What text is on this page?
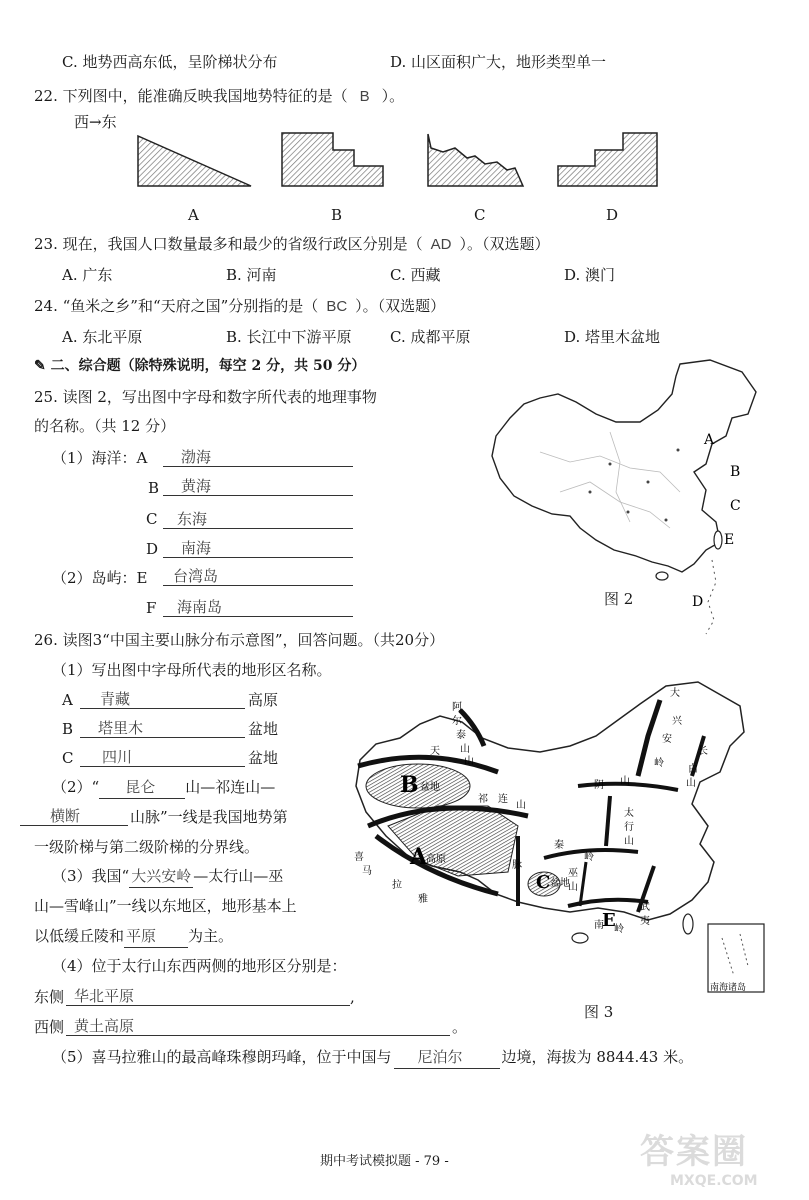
C. 地势西高东低，呈阶梯状分布	D. 山区面积广大，地形类型单一
22. 下列图中，能准确反映我国地势特征的是（ B ）。
西→东
A	B	C	D
23. 现在，我国人口数量最多和最少的省级行政区分别是（ AD ）。（双选题）
A. 广东	B. 河南	C. 西藏	D. 澳门
24. “鱼米之乡”和“天府之国”分别指的是（ BC ）。（双选题）
A. 东北平原	B. 长江中下游平原	C. 成都平原	D. 塔里木盆地
✎ 二、综合题（除特殊说明，每空 2 分，共 50 分）
25. 读图 2，写出图中字母和数字所代表的地理事物
的名称。（共 12 分）
（1）海洋：A	渤海
B	黄海
C	东海
D	南海
（2）岛屿：E	台湾岛
F	海南岛
A
B
C
E
D
图 2
26. 读图3“中国主要山脉分布示意图”，回答问题。（共20分）
（1）写出图中字母所代表的地形区名称。
A	青藏	高原
B	塔里木	盆地
C	四川	盆地
（2）“ 昆仑 山—祁连山—
横断	山脉”一线是我国地势第
一级阶梯与第二级阶梯的分界线。
（3）我国“ 大兴安岭 —太行山—巫
山—雪峰山”一线以东地区，地形基本上
以低缓丘陵和 平原 为主。
（4）位于太行山东西两侧的地形区分别是：
东侧 华北平原	,
西侧 黄土高原	。
（5）喜马拉雅山的最高峰珠穆朗玛峰，位于中国与 尼泊尔	边境，海拔为 8844.43 米。
B 盆地
A
高原
C 盆地
E
阿
尔
泰
山
天
山
祁 连
山
大
兴
安
岭
长
白
山
阴 山
太
行
山
秦
岭
喜
马
拉
雅
武
夷
南 岭
巫
山
脉
南海诸岛
图 3
期中考试模拟题 - 79 -	答案圈
MXQE.COM
